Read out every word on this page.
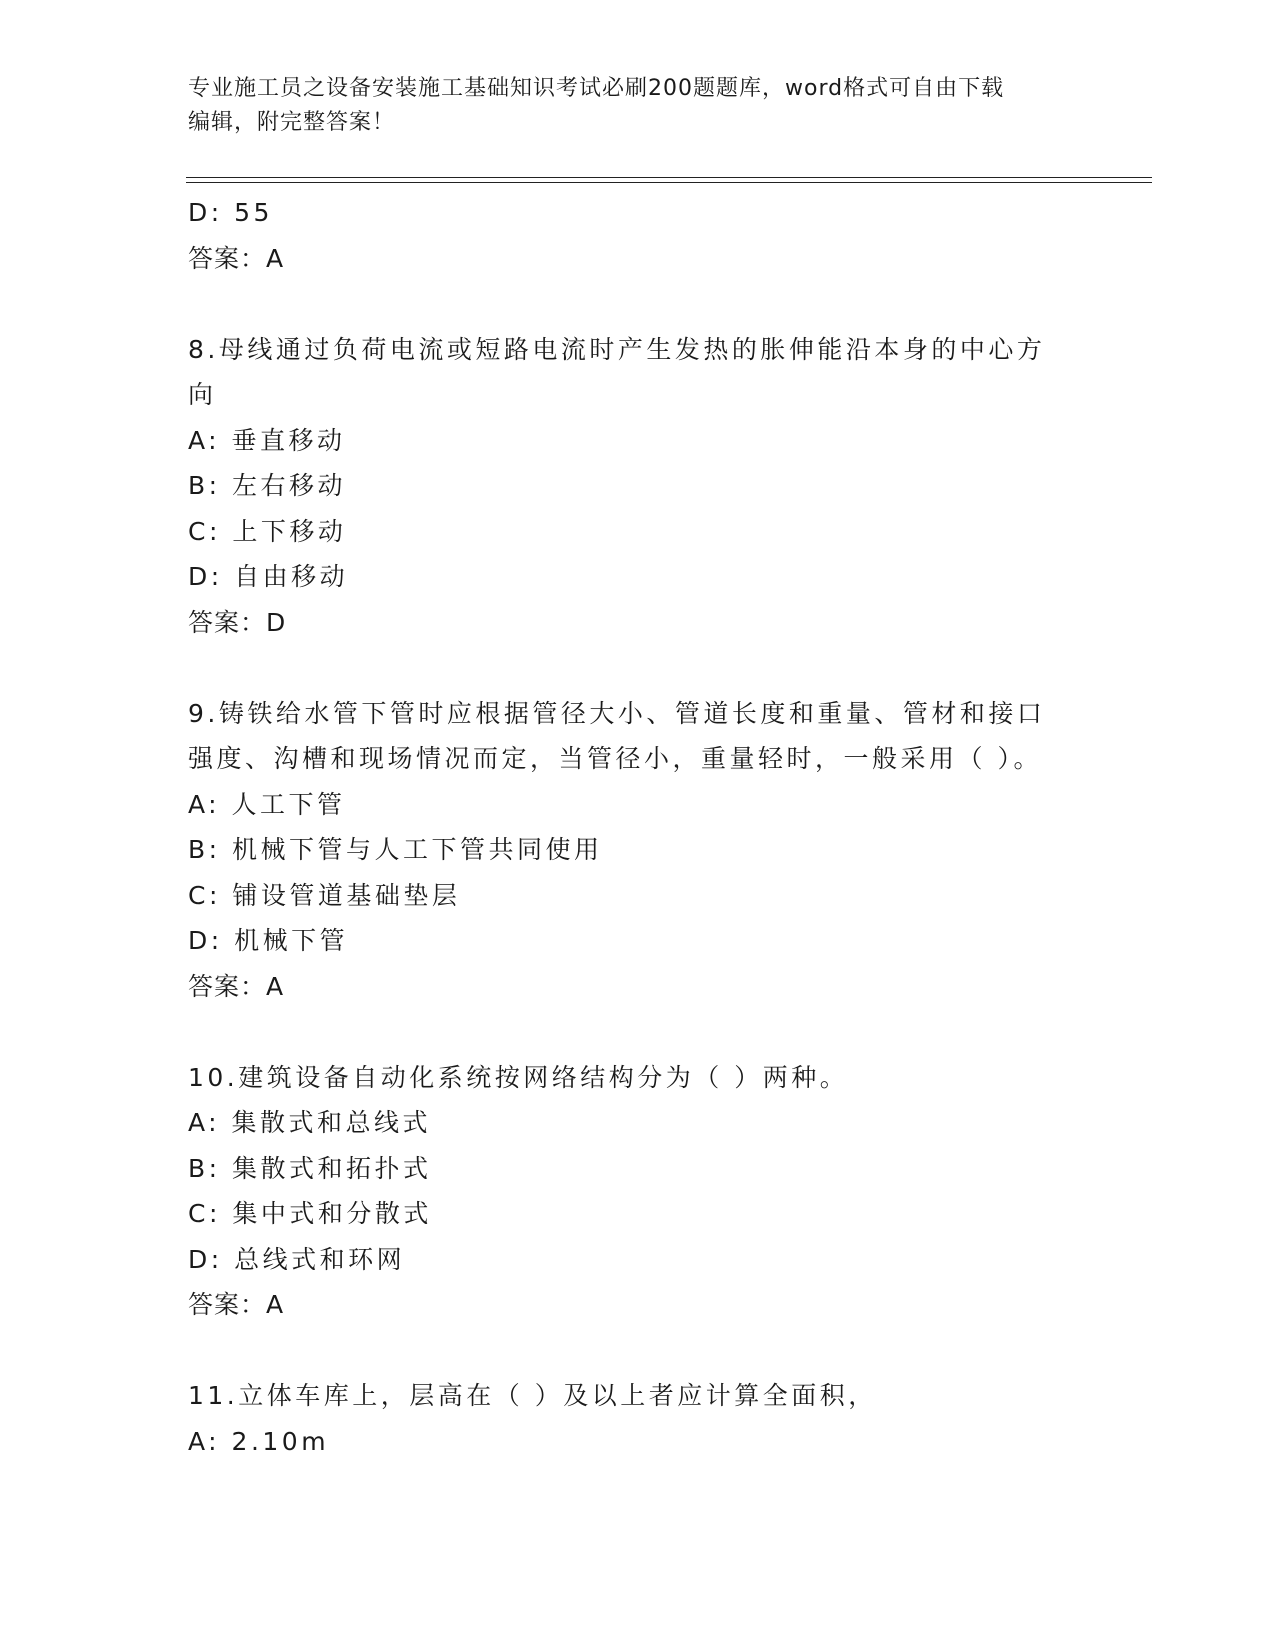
专业施工员之设备安装施工基础知识考试必刷200题题库，word格式可自由下载
编辑，附完整答案！
D: 55
答案：A
8.母线通过负荷电流或短路电流时产生发热的胀伸能沿本身的中心方
向
A: 垂直移动
B: 左右移动
C: 上下移动
D: 自由移动
答案：D
9.铸铁给水管下管时应根据管径大小、管道长度和重量、管材和接口
强度、沟槽和现场情况而定，当管径小，重量轻时，一般采用（ ）。
A: 人工下管
B: 机械下管与人工下管共同使用
C: 铺设管道基础垫层
D: 机械下管
答案：A
10.建筑设备自动化系统按网络结构分为（ ）两种。
A: 集散式和总线式
B: 集散式和拓扑式
C: 集中式和分散式
D: 总线式和环网
答案：A
11.立体车库上，层高在（ ）及以上者应计算全面积，
A: 2.10m
